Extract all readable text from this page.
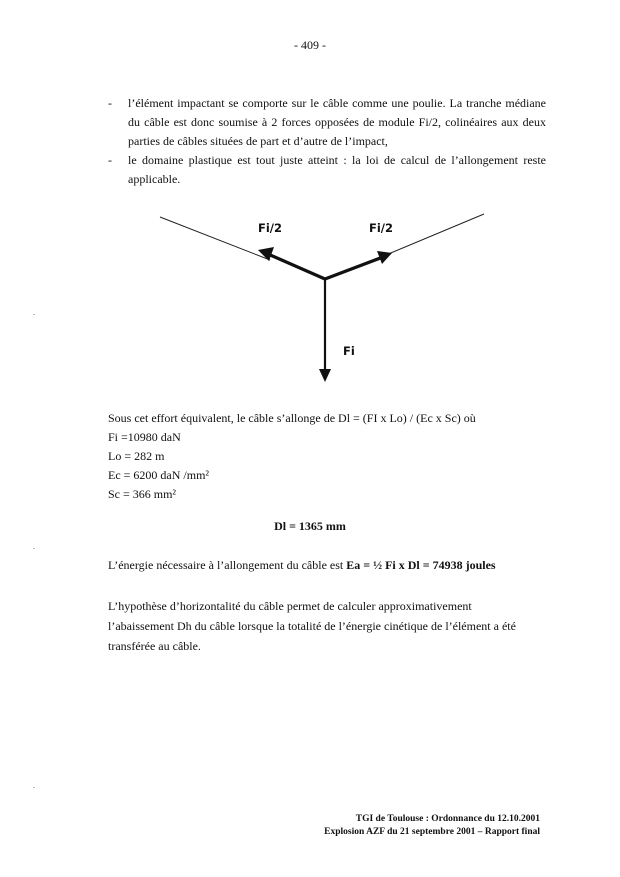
- 409 -
- l’élément impactant se comporte sur le câble comme une poulie. La tranche médiane du câble est donc soumise à 2 forces opposées de module Fi/2, colinéaires aux deux parties de câbles situées de part et d’autre de l’impact,
- le domaine plastique est tout juste atteint : la loi de calcul de l’allongement reste applicable.
Fi/2	Fi/2
Fi
Sous cet effort équivalent, le câble s’allonge de Dl = (FI x Lo) / (Ec x Sc) où
Fi =10980 daN
Lo = 282 m
Ec = 6200 daN /mm²
Sc = 366 mm²
Dl = 1365 mm
L’énergie nécessaire à l’allongement du câble est Ea = ½ Fi x Dl = 74938 joules
L’hypothèse d’horizontalité du câble permet de calculer approximativement
l’abaissement Dh du câble lorsque la totalité de l’énergie cinétique de l’élément a été
transférée au câble.
TGI de Toulouse : Ordonnance du 12.10.2001
Explosion AZF du 21 septembre 2001 – Rapport final
